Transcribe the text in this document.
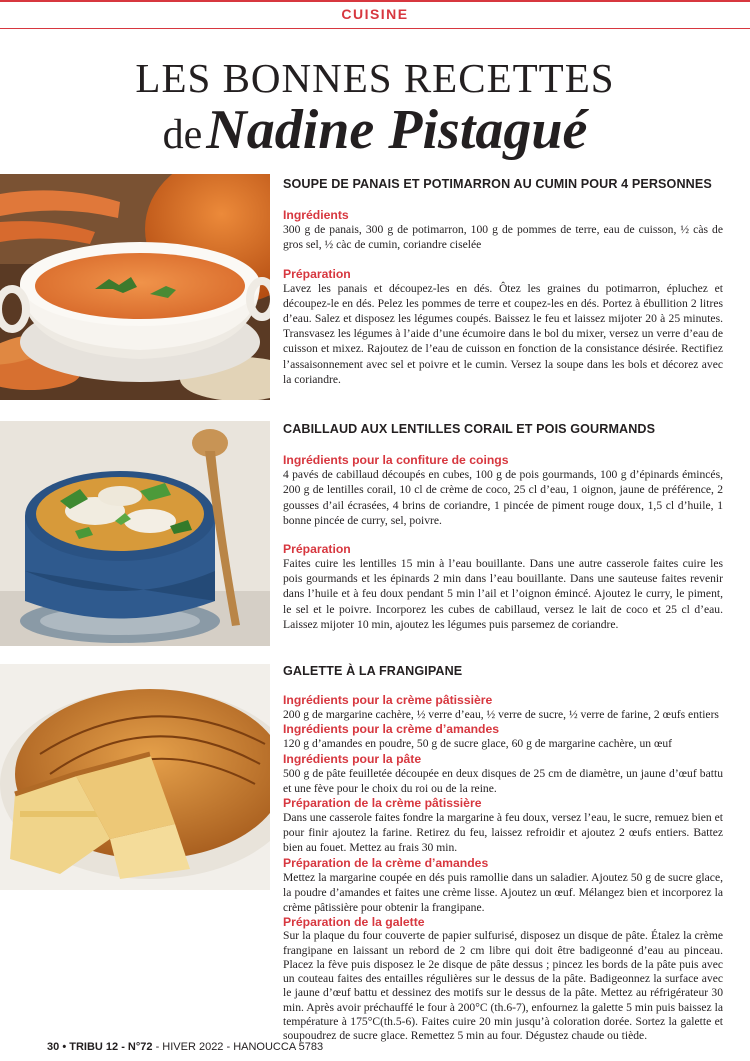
CUISINE
LES BONNES RECETTES
de Nadine Pistagué
SOUPE DE PANAIS ET POTIMARRON AU CUMIN POUR 4 PERSONNES
Ingrédients

300 g de panais, 300 g de potimarron, 100 g de pommes de terre, eau de cuisson, ½ càs de gros sel, ½ càc de cumin, coriandre ciselée

Préparation

Lavez les panais et découpez-les en dés. Ôtez les graines du potimarron, épluchez et découpez-le en dés. Pelez les pommes de terre et coupez-les en dés. Portez à ébullition 2 litres d’eau. Salez et disposez les légumes coupés. Baissez le feu et laissez mijoter 20 à 25 minutes. Transvasez les légumes à l’aide d’une écumoire dans le bol du mixer, versez un verre d’eau de cuisson et mixez. Rajoutez de l’eau de cuisson en fonction de la consistance désirée. Rectifiez l’assaisonnement avec sel et poivre et le cumin. Versez la soupe dans les bols et décorez avec la coriandre.

CABILLAUD AUX LENTILLES CORAIL ET POIS GOURMANDS
Ingrédients pour la confiture de coings

4 pavés de cabillaud découpés en cubes, 100 g de pois gourmands, 100 g d’épinards émincés, 200 g de lentilles corail, 10 cl de crème de coco, 25 cl d’eau, 1 oignon, jaune de préférence, 2 gousses d’ail écrasées, 4 brins de coriandre, 1 pincée de piment rouge doux, 1,5 cl d’huile, 1 bonne pincée de curry, sel, poivre.

Préparation

Faites cuire les lentilles 15 min à l’eau bouillante. Dans une autre casserole faites cuire les pois gourmands et les épinards 2 min dans l’eau bouillante. Dans une sauteuse faites revenir dans l’huile et à feu doux pendant 5 min l’ail et l’oignon émincé. Ajoutez le curry, le piment, le sel et le poivre. Incorporez les cubes de cabillaud, versez le lait de coco et 25 cl d’eau. Laissez mijoter 10 min, ajoutez les légumes puis parsemez de coriandre.

GALETTE À LA FRANGIPANE
Ingrédients pour la crème pâtissière

200 g de margarine cachère, ½ verre d’eau, ½ verre de sucre, ½ verre de farine, 2 œufs entiers

Ingrédients pour la crème d’amandes

120 g d’amandes en poudre, 50 g de sucre glace, 60 g de margarine cachère, un œuf

Ingrédients pour la pâte

500 g de pâte feuilletée découpée en deux disques de 25 cm de diamètre, un jaune d’œuf battu et une fève pour le choix du roi ou de la reine.

Préparation de la crème pâtissière

Dans une casserole faites fondre la margarine à feu doux, versez l’eau, le sucre, remuez bien et pour finir ajoutez la farine. Retirez du feu, laissez refroidir et ajoutez 2 œufs entiers. Battez bien au fouet. Mettez au frais 30 min.

Préparation de la crème d’amandes

Mettez la margarine coupée en dés puis ramollie dans un saladier. Ajoutez 50 g de sucre glace, la poudre d’amandes et faites une crème lisse. Ajoutez un œuf. Mélangez bien et incorporez la crème pâtissière pour obtenir la frangipane.

Préparation de la galette

Sur la plaque du four couverte de papier sulfurisé, disposez un disque de pâte. Étalez la crème frangipane en laissant un rebord de 2 cm libre qui doit être badigeonné d’eau au pinceau. Placez la fève puis disposez le 2e disque de pâte dessus ; pincez les bords de la pâte puis avec un couteau faites des entailles régulières sur le dessus de la pâte. Badigeonnez la surface avec le jaune d’œuf battu et dessinez des motifs sur le dessus de la pâte. Mettez au réfrigérateur 30 min. Après avoir préchauffé le four à 200°C (th.6-7), enfournez la galette 5 min puis baissez la température à 175°C(th.5-6). Faites cuire 20 min jusqu’à coloration dorée. Sortez la galette et soupoudrez de sucre glace. Remettez 5 min au four. Dégustez chaude ou tiède.

30 • TRIBU 12 - N°72 - HIVER 2022 - HANOUCCA 5783
